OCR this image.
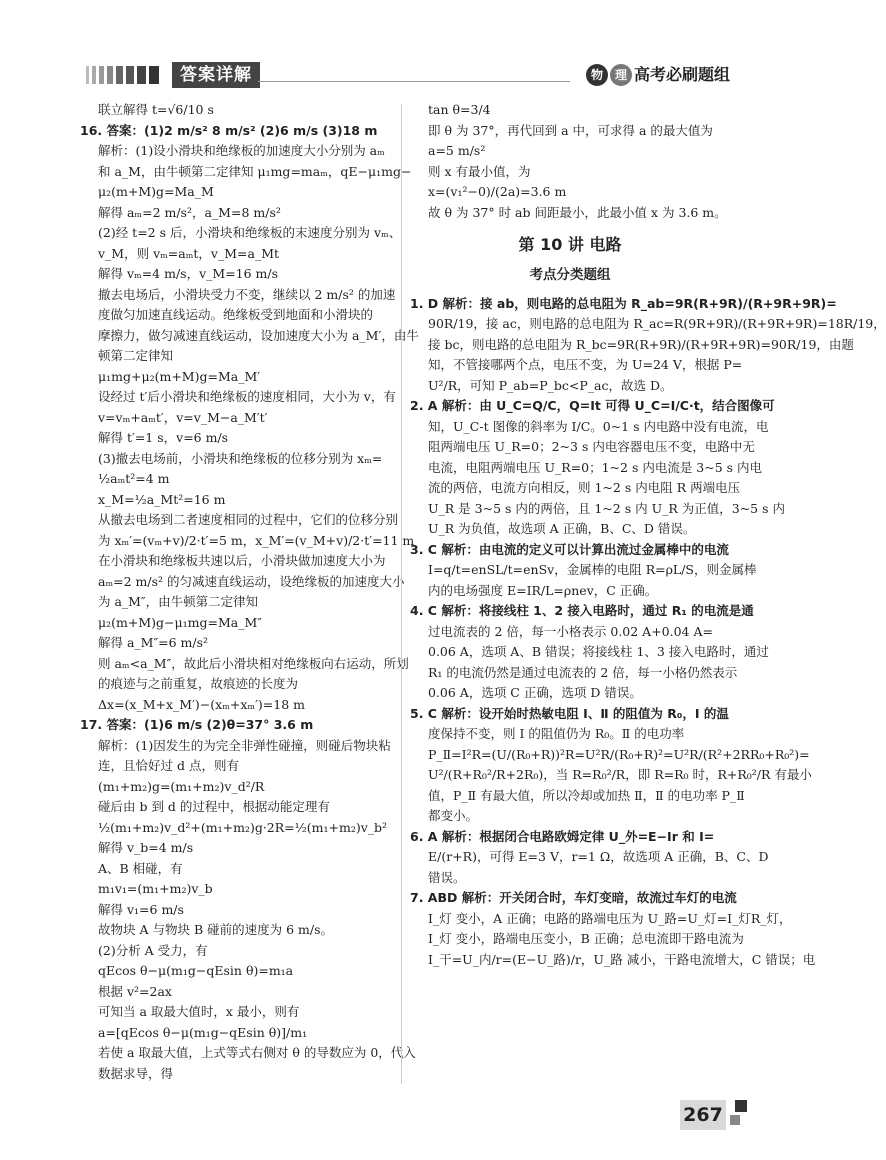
答案详解	物 理 高考必刷题组

联立解得 t=√6/10 s

16. 答案：(1)2 m/s² 8 m/s² (2)6 m/s (3)18 m

解析：(1)设小滑块和绝缘板的加速度大小分别为 aₘ

和 a_M，由牛顿第二定律知 μ₁mg=maₘ，qE−μ₁mg−

μ₂(m+M)g=Ma_M

解得 aₘ=2 m/s²，a_M=8 m/s²

(2)经 t=2 s 后，小滑块和绝缘板的末速度分别为 vₘ、

v_M，则 vₘ=aₘt，v_M=a_Mt

解得 vₘ=4 m/s，v_M=16 m/s

撤去电场后，小滑块受力不变，继续以 2 m/s² 的加速

度做匀加速直线运动。绝缘板受到地面和小滑块的

摩擦力，做匀减速直线运动，设加速度大小为 a_M′，由牛

顿第二定律知

μ₁mg+μ₂(m+M)g=Ma_M′

设经过 t′后小滑块和绝缘板的速度相同，大小为 v，有

v=vₘ+aₘt′，v=v_M−a_M′t′

解得 t′=1 s，v=6 m/s

(3)撤去电场前，小滑块和绝缘板的位移分别为 xₘ=

½aₘt²=4 m

x_M=½a_Mt²=16 m

从撤去电场到二者速度相同的过程中，它们的位移分别

为 xₘ′=(vₘ+v)/2·t′=5 m，x_M′=(v_M+v)/2·t′=11 m

在小滑块和绝缘板共速以后，小滑块做加速度大小为

aₘ=2 m/s² 的匀减速直线运动，设绝缘板的加速度大小

为 a_M″，由牛顿第二定律知

μ₂(m+M)g−μ₁mg=Ma_M″

解得 a_M″=6 m/s²

则 aₘ<a_M″，故此后小滑块相对绝缘板向右运动，所划

的痕迹与之前重复，故痕迹的长度为

Δx=(x_M+x_M′)−(xₘ+xₘ′)=18 m

17. 答案：(1)6 m/s (2)θ=37° 3.6 m

解析：(1)因发生的为完全非弹性碰撞，则碰后物块粘

连，且恰好过 d 点，则有

(m₁+m₂)g=(m₁+m₂)v_d²/R

碰后由 b 到 d 的过程中，根据动能定理有

½(m₁+m₂)v_d²+(m₁+m₂)g·2R=½(m₁+m₂)v_b²

解得 v_b=4 m/s

A、B 相碰，有

m₁v₁=(m₁+m₂)v_b

解得 v₁=6 m/s

故物块 A 与物块 B 碰前的速度为 6 m/s。

(2)分析 A 受力，有

qEcos θ−μ(m₁g−qEsin θ)=m₁a

根据 v²=2ax

可知当 a 取最大值时，x 最小，则有

a=[qEcos θ−μ(m₁g−qEsin θ)]/m₁

若使 a 取最大值，上式等式右侧对 θ 的导数应为 0，代入

数据求导，得

tan θ=3/4

即 θ 为 37°，再代回到 a 中，可求得 a 的最大值为

a=5 m/s²

则 x 有最小值，为

x=(v₁²−0)/(2a)=3.6 m

故 θ 为 37° 时 ab 间距最小，此最小值 x 为 3.6 m。

第 10 讲 电路
考点分类题组

1. D 解析：接 ab，则电路的总电阻为 R_ab=9R(R+9R)/(R+9R+9R)=

90R/19，接 ac，则电路的总电阻为 R_ac=R(9R+9R)/(R+9R+9R)=18R/19，

接 bc，则电路的总电阻为 R_bc=9R(R+9R)/(R+9R+9R)=90R/19，由题

知，不管接哪两个点，电压不变，为 U=24 V，根据 P=

U²/R，可知 P_ab=P_bc<P_ac，故选 D。

2. A 解析：由 U_C=Q/C，Q=It 可得 U_C=I/C·t，结合图像可

知，U_C-t 图像的斜率为 I/C。0~1 s 内电路中没有电流，电

阻两端电压 U_R=0；2~3 s 内电容器电压不变，电路中无

电流，电阻两端电压 U_R=0；1~2 s 内电流是 3~5 s 内电

流的两倍，电流方向相反，则 1~2 s 内电阻 R 两端电压

U_R 是 3~5 s 内的两倍，且 1~2 s 内 U_R 为正值，3~5 s 内

U_R 为负值，故选项 A 正确，B、C、D 错误。

3. C 解析：由电流的定义可以计算出流过金属棒中的电流

I=q/t=enSL/t=enSv，金属棒的电阻 R=ρL/S，则金属棒

内的电场强度 E=IR/L=ρnev，C 正确。

4. C 解析：将接线柱 1、2 接入电路时，通过 R₁ 的电流是通

过电流表的 2 倍，每一小格表示 0.02 A+0.04 A=

0.06 A，选项 A、B 错误；将接线柱 1、3 接入电路时，通过

R₁ 的电流仍然是通过电流表的 2 倍，每一小格仍然表示

0.06 A，选项 C 正确，选项 D 错误。

5. C 解析：设开始时热敏电阻 Ⅰ、Ⅱ 的阻值为 R₀，Ⅰ 的温

度保持不变，则 Ⅰ 的阻值仍为 R₀。Ⅱ 的电功率

P_Ⅱ=I²R=(U/(R₀+R))²R=U²R/(R₀+R)²=U²R/(R²+2RR₀+R₀²)=

U²/(R+R₀²/R+2R₀)，当 R=R₀²/R，即 R=R₀ 时，R+R₀²/R 有最小

值，P_Ⅱ 有最大值，所以冷却或加热 Ⅱ，Ⅱ 的电功率 P_Ⅱ

都变小。

6. A 解析：根据闭合电路欧姆定律 U_外=E−Ir 和 I=

E/(r+R)，可得 E=3 V，r=1 Ω，故选项 A 正确，B、C、D

错误。

7. ABD 解析：开关闭合时，车灯变暗，故流过车灯的电流

I_灯 变小，A 正确；电路的路端电压为 U_路=U_灯=I_灯R_灯，

I_灯 变小，路端电压变小，B 正确；总电流即干路电流为

I_干=U_内/r=(E−U_路)/r，U_路 减小，干路电流增大，C 错误；电

267
